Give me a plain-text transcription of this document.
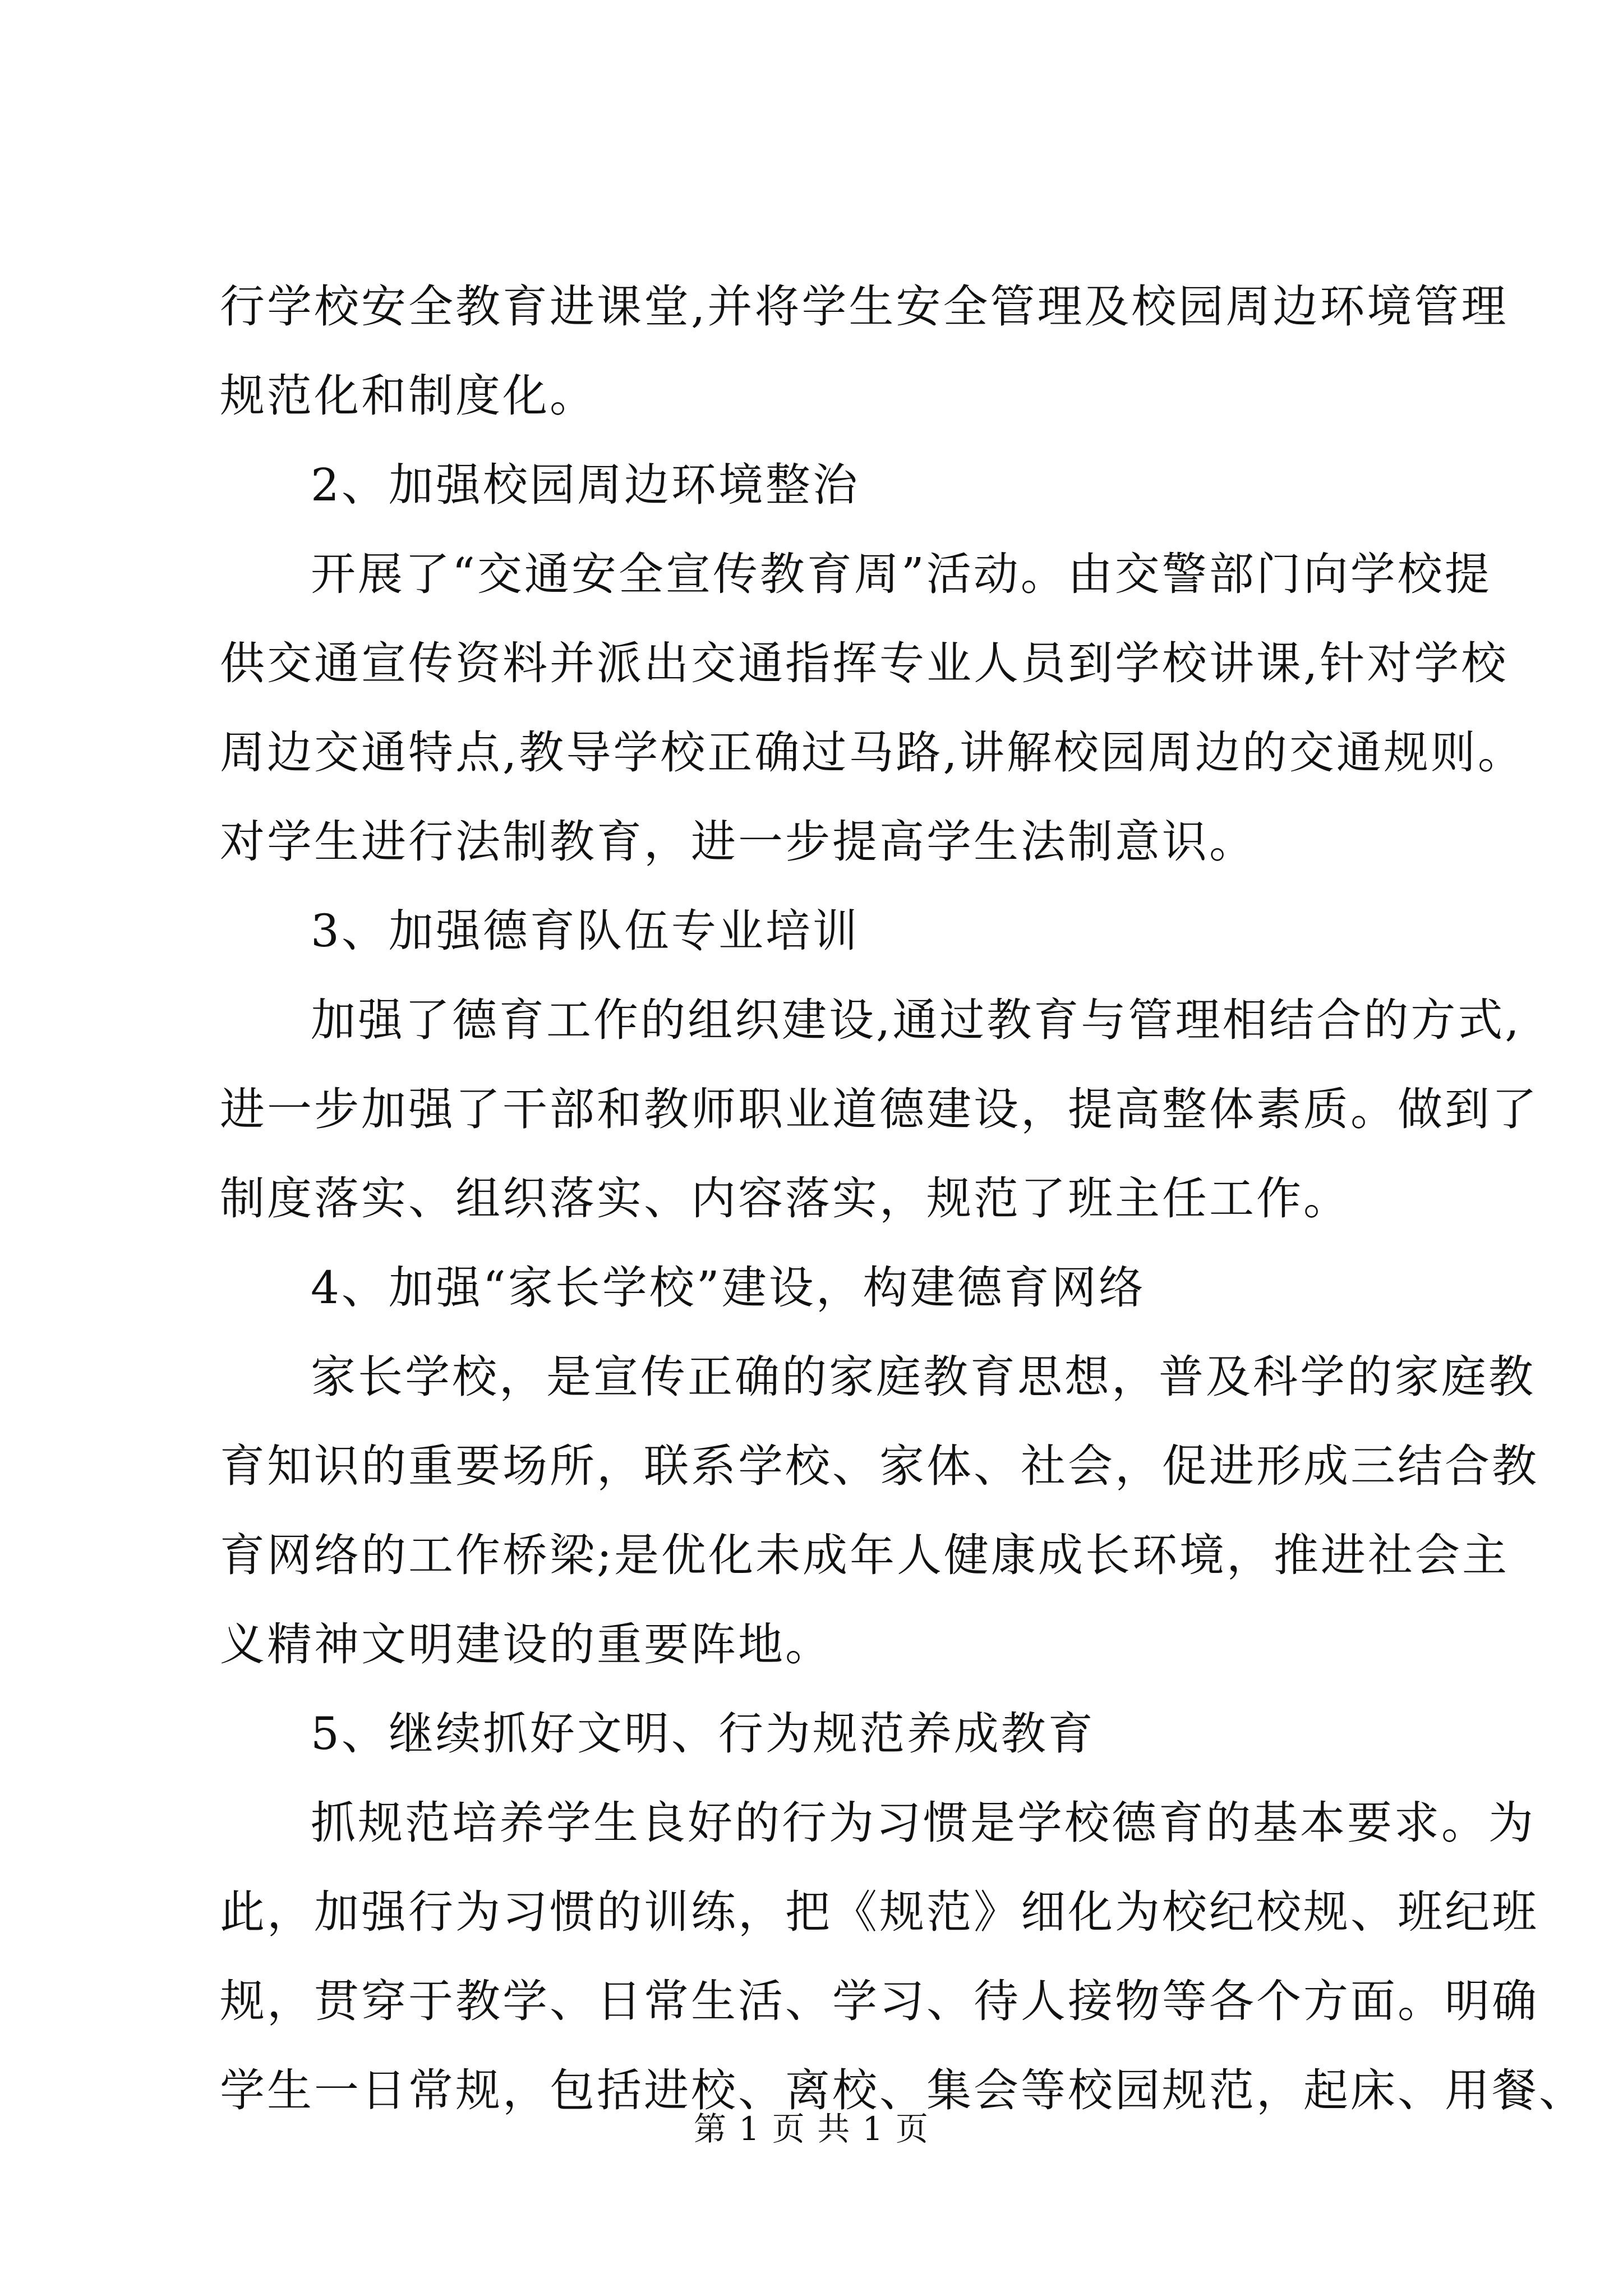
行学校安全教育进课堂,并将学生安全管理及校园周边环境管理
规范化和制度化。
2、加强校园周边环境整治
开展了“交通安全宣传教育周”活动。由交警部门向学校提
供交通宣传资料并派出交通指挥专业人员到学校讲课,针对学校
周边交通特点,教导学校正确过马路,讲解校园周边的交通规则。
对学生进行法制教育，进一步提高学生法制意识。
3、加强德育队伍专业培训
加强了德育工作的组织建设,通过教育与管理相结合的方式,
进一步加强了干部和教师职业道德建设，提高整体素质。做到了
制度落实、组织落实、内容落实，规范了班主任工作。
4、加强“家长学校”建设，构建德育网络
家长学校，是宣传正确的家庭教育思想，普及科学的家庭教
育知识的重要场所，联系学校、家体、社会，促进形成三结合教
育网络的工作桥梁;是优化未成年人健康成长环境，推进社会主
义精神文明建设的重要阵地。
5、继续抓好文明、行为规范养成教育
抓规范培养学生良好的行为习惯是学校德育的基本要求。为
此，加强行为习惯的训练，把《规范》细化为校纪校规、班纪班
规，贯穿于教学、日常生活、学习、待人接物等各个方面。明确
学生一日常规，包括进校、离校、集会等校园规范，起床、用餐、
第 1 页 共 1 页
